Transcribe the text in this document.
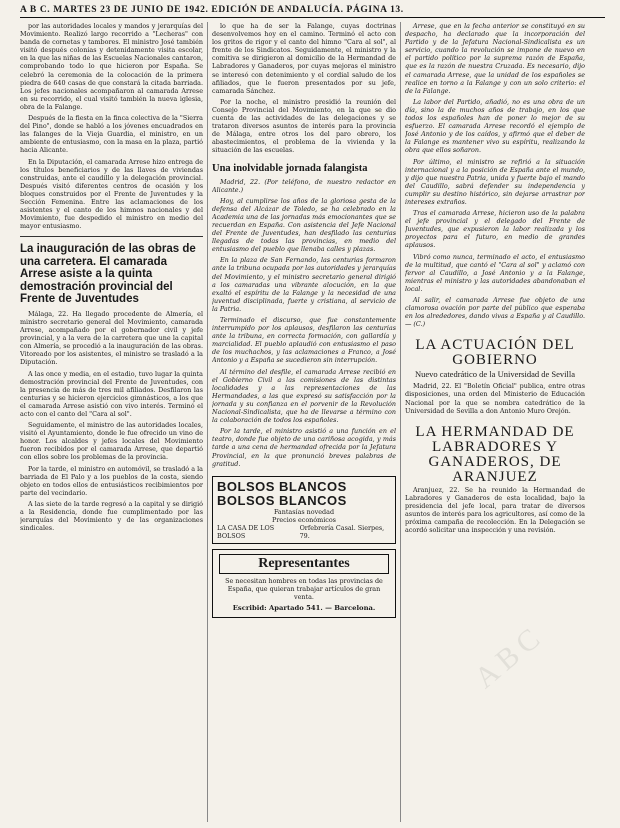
A B C. MARTES 23 DE JUNIO DE 1942. EDICIÓN DE ANDALUCÍA. PÁGINA 13.

por las autoridades locales y mandos y jerarquías del Movimiento. Realizó largo recorrido a "Lecheras" con banda de cornetas y tambores. El ministro José también visitó después colonias y detenidamente visita escolar, en la que las niñas de las Escuelas Nacionales cantaron, comprobando todo lo que hicieron por España. Se celebró la ceremonia de la colocación de la primera piedra de 640 casas de que constará la citada barriada. Los jefes nacionales acompañaron al camarada Arrese en su recorrido, el cual visitó también la nueva iglesia, obra de la Falange.

Después de la fiesta en la finca colectiva de la "Sierra del Pino", donde se habló a los jóvenes encuadrados en las falanges de la Vieja Guardia, el ministro, en un ambiente de entusiasmo, con la masa en la plaza, partió hacia Alicante.

En la Diputación, el camarada Arrese hizo entrega de los títulos beneficiarios y de las llaves de viviendas construidas, ante el caudillo y la delegación provincial. Después visitó diferentes centros de ocasión y los bloques construidos por el Frente de Juventudes y la Sección Femenina. Entre las aclamaciones de los asistentes y el canto de los himnos nacionales y del Movimiento, fue despedido el ministro en medio del mayor entusiasmo.

La inauguración de las obras de una carretera. El camarada Arrese asiste a la quinta demostración provincial del Frente de Juventudes

Málaga, 22. Ha llegado procedente de Almería, el ministro secretario general del Movimiento, camarada Arrese, acompañado por el gobernador civil y jefe provincial, y a la vera de la carretera que une la capital con Almería, se procedió a la inauguración de las obras. Vitoreado por los asistentes, el ministro se trasladó a la Diputación.

A las once y media, en el estadio, tuvo lugar la quinta demostración provincial del Frente de Juventudes, con la presencia de más de tres mil afiliados. Desfilaron las centurias y se hicieron ejercicios gimnásticos, a los que el camarada Arrese asistió con vivo interés. Terminó el acto con el canto del "Cara al sol".

Seguidamente, el ministro de las autoridades locales, visitó el Ayuntamiento, donde le fue ofrecido un vino de honor. Los alcaldes y jefes locales del Movimiento fueron recibidos por el camarada Arrese, que departió con ellos sobre los problemas de la provincia.

Por la tarde, el ministro en automóvil, se trasladó a la barriada de El Palo y a los pueblos de la costa, siendo objeto en todos ellos de entusiásticos recibimientos por parte del vecindario.

A las siete de la tarde regresó a la capital y se dirigió a la Residencia, donde fue cumplimentado por las jerarquías del Movimiento y de las organizaciones sindicales.

lo que ha de ser la Falange, cuyas doctrinas desenvolvemos hoy en el camino. Terminó el acto con los gritos de rigor y el canto del himno "Cara al sol", al frente de los Sindicatos. Seguidamente, el ministro y la comitiva se dirigieron al domicilio de la Hermandad de Labradores y Ganaderos, por cuyas mejoras el ministro se interesó con detenimiento y el cordial saludo de los afiliados, que le fueron presentados por su jefe, camarada Sánchez.

Por la noche, el ministro presidió la reunión del Consejo Provincial del Movimiento, en la que se dio cuenta de las actividades de las delegaciones y se trataron diversos asuntos de interés para la provincia de Málaga, entre otros los del paro obrero, los abastecimientos, el problema de la vivienda y la situación de las escuelas.

Una inolvidable jornada falangista

Madrid, 22. (Por teléfono, de nuestro redactor en Alicante.)

Hoy, al cumplirse los años de la gloriosa gesta de la defensa del Alcázar de Toledo, se ha celebrado en la Academia una de las jornadas más emocionantes que se recuerdan en España. Con asistencia del Jefe Nacional del Frente de Juventudes, han desfilado las centurias llegadas de todas las provincias, en medio del entusiasmo del pueblo que llenaba calles y plazas.

En la plaza de San Fernando, las centurias formaron ante la tribuna ocupada por las autoridades y jerarquías del Movimiento, y el ministro secretario general dirigió a los camaradas una vibrante alocución, en la que exaltó el espíritu de la Falange y la necesidad de una juventud disciplinada, fuerte y cristiana, al servicio de la Patria.

Terminado el discurso, que fue constantemente interrumpido por los aplausos, desfilaron las centurias ante la tribuna, en correcta formación, con gallardía y marcialidad. El pueblo aplaudió con entusiasmo el paso de los muchachos, y las aclamaciones a Franco, a José Antonio y a España se sucedieron sin interrupción.

Al término del desfile, el camarada Arrese recibió en el Gobierno Civil a las comisiones de las distintas localidades y a las representaciones de las Hermandades, a las que expresó su satisfacción por la jornada y su confianza en el porvenir de la Revolución Nacional-Sindicalista, que ha de llevarse a término con la colaboración de todos los españoles.

Por la tarde, el ministro asistió a una función en el teatro, donde fue objeto de una cariñosa acogida, y más tarde a una cena de hermandad ofrecida por la Jefatura Provincial, en la que pronunció breves palabras de gratitud.

BOLSOS BLANCOS
BOLSOS BLANCOS
Fantasías novedad
Precios económicos
LA CASA DE LOS BOLSOS
Orfebrería Casal. Sierpes, 79.
Representantes
Se necesitan hombres en todas las provincias de España, que quieran trabajar artículos de gran venta.
Escribid: Apartado 541. — Barcelona.

Arrese, que en la fecha anterior se constituyó en su despacho, ha declarado que la incorporación del Partido y de la Jefatura Nacional-Sindicalista es un servicio, cuando la revolución se impone de nuevo en el partido político por la suprema razón de España, que es la razón de nuestra Cruzada. Es necesario, dijo el camarada Arrese, que la unidad de los españoles se realice en torno a la Falange y con un solo criterio: el de la Falange.

La labor del Partido, añadió, no es una obra de un día, sino la de muchos años de trabajo, en los que todos los españoles han de poner lo mejor de su esfuerzo. El camarada Arrese recordó el ejemplo de José Antonio y de los caídos, y afirmó que el deber de la Falange es mantener vivo su espíritu, realizando la obra que ellos soñaron.

Por último, el ministro se refirió a la situación internacional y a la posición de España ante el mundo, y dijo que nuestra Patria, unida y fuerte bajo el mando del Caudillo, sabrá defender su independencia y cumplir su destino histórico, sin dejarse arrastrar por intereses extraños.

Tras el camarada Arrese, hicieron uso de la palabra el jefe provincial y el delegado del Frente de Juventudes, que expusieron la labor realizada y los proyectos para el futuro, en medio de grandes aplausos.

Vibró como nunca, terminado el acto, el entusiasmo de la multitud, que cantó el "Cara al sol" y aclamó con fervor al Caudillo, a José Antonio y a la Falange, mientras el ministro y las autoridades abandonaban el local.

Al salir, el camarada Arrese fue objeto de una clamorosa ovación por parte del público que esperaba en los alrededores, dando vivas a España y al Caudillo. — (C.)

LA ACTUACIÓN DEL GOBIERNO
Nuevo catedrático de la Universidad de Sevilla

Madrid, 22. El "Boletín Oficial" publica, entre otras disposiciones, una orden del Ministerio de Educación Nacional por la que se nombra catedrático de la Universidad de Sevilla a don Antonio Muro Orejón.

LA HERMANDAD DE LABRADORES Y GANADEROS, DE ARANJUEZ

Aranjuez, 22. Se ha reunido la Hermandad de Labradores y Ganaderos de esta localidad, bajo la presidencia del jefe local, para tratar de diversos asuntos de interés para los agricultores, así como de la próxima campaña de recolección. En la Delegación se acordó solicitar una inspección y una revisión.

ABC
